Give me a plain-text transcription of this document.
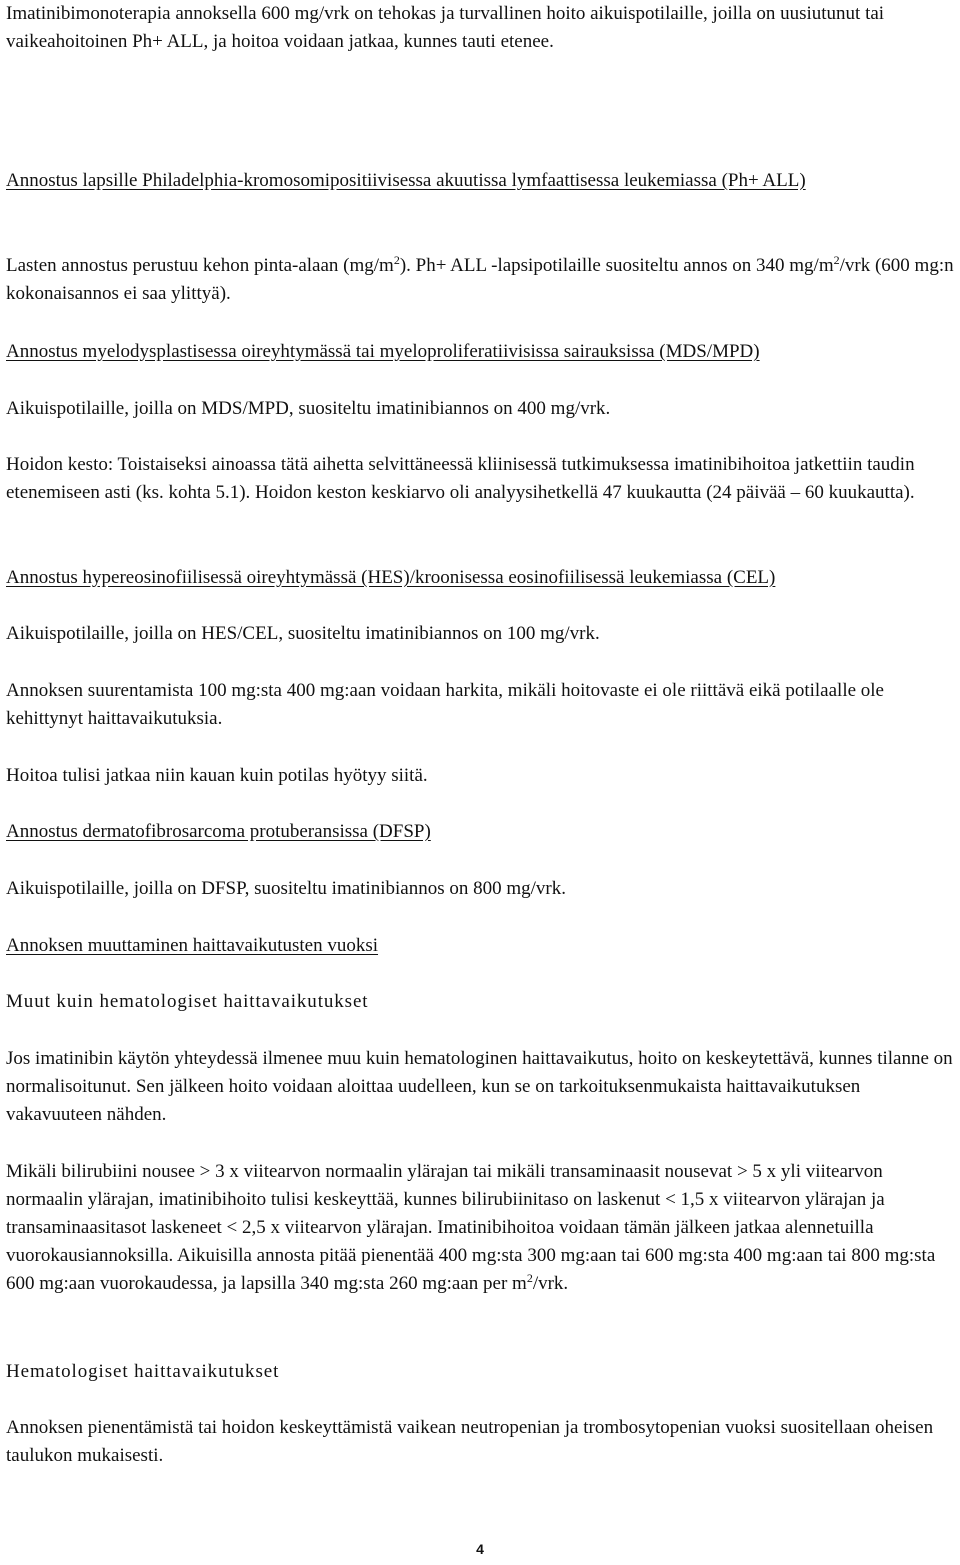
Imatinibimonoterapia annoksella 600 mg/vrk on tehokas ja turvallinen hoito aikuispotilaille, joilla on uusiutunut tai vaikeahoitoinen Ph+ ALL, ja hoitoa voidaan jatkaa, kunnes tauti etenee.

Annostus lapsille Philadelphia-kromosomipositiivisessa akuutissa lymfaattisessa leukemiassa (Ph+ ALL)

Lasten annostus perustuu kehon pinta-alaan $(mg/m^2)$. Ph+ ALL -lapsipotilaille suositeltu annos on 340 $mg/m^2$/vrk (600 mg:n kokonaisannos ei saa ylittyä).

Annostus myelodysplastisessa oireyhtymässä tai myeloproliferatiivisissa sairauksissa (MDS/MPD)

Aikuispotilaille, joilla on MDS/MPD, suositeltu imatinibiannos on 400 mg/vrk.

Hoidon kesto: Toistaiseksi ainoassa tätä aihetta selvittäneessä kliinisessä tutkimuksessa imatinibihoitoa jatkettiin taudin etenemiseen asti (ks. kohta 5.1). Hoidon keston keskiarvo oli analyysihetkellä 47 kuukautta (24 päivää – 60 kuukautta).

Annostus hypereosinofiilisessä oireyhtymässä (HES)/kroonisessa eosinofiilisessä leukemiassa (CEL)

Aikuispotilaille, joilla on HES/CEL, suositeltu imatinibiannos on 100 mg/vrk.

Annoksen suurentamista 100 mg:sta 400 mg:aan voidaan harkita, mikäli hoitovaste ei ole riittävä eikä potilaalle ole kehittynyt haittavaikutuksia.

Hoitoa tulisi jatkaa niin kauan kuin potilas hyötyy siitä.

Annostus dermatofibrosarcoma protuberansissa (DFSP)

Aikuispotilaille, joilla on DFSP, suositeltu imatinibiannos on 800 mg/vrk.

Annoksen muuttaminen haittavaikutusten vuoksi

Muut kuin hematologiset haittavaikutukset

Jos imatinibin käytön yhteydessä ilmenee muu kuin hematologinen haittavaikutus, hoito on keskeytettävä, kunnes tilanne on normalisoitunut. Sen jälkeen hoito voidaan aloittaa uudelleen, kun se on tarkoituksenmukaista haittavaikutuksen vakavuuteen nähden.

Mikäli bilirubiini nousee > 3 x viitearvon normaalin ylärajan tai mikäli transaminaasit nousevat > 5 x yli viitearvon normaalin ylärajan, imatinibihoito tulisi keskeyttää, kunnes bilirubiinitaso on laskenut < 1,5 x viitearvon ylärajan ja transaminaasitasot laskeneet < 2,5 x viitearvon ylärajan. Imatinibihoitoa voidaan tämän jälkeen jatkaa alennetuilla vuorokausiannoksilla. Aikuisilla annosta pitää pienentää 400 mg:sta 300 mg:aan tai 600 mg:sta 400 mg:aan tai 800 mg:sta 600 mg:aan vuorokaudessa, ja lapsilla 340 mg:sta 260 mg:aan per $m^2$/vrk.

Hematologiset haittavaikutukset

Annoksen pienentämistä tai hoidon keskeyttämistä vaikean neutropenian ja trombosytopenian vuoksi suositellaan oheisen taulukon mukaisesti.

4
